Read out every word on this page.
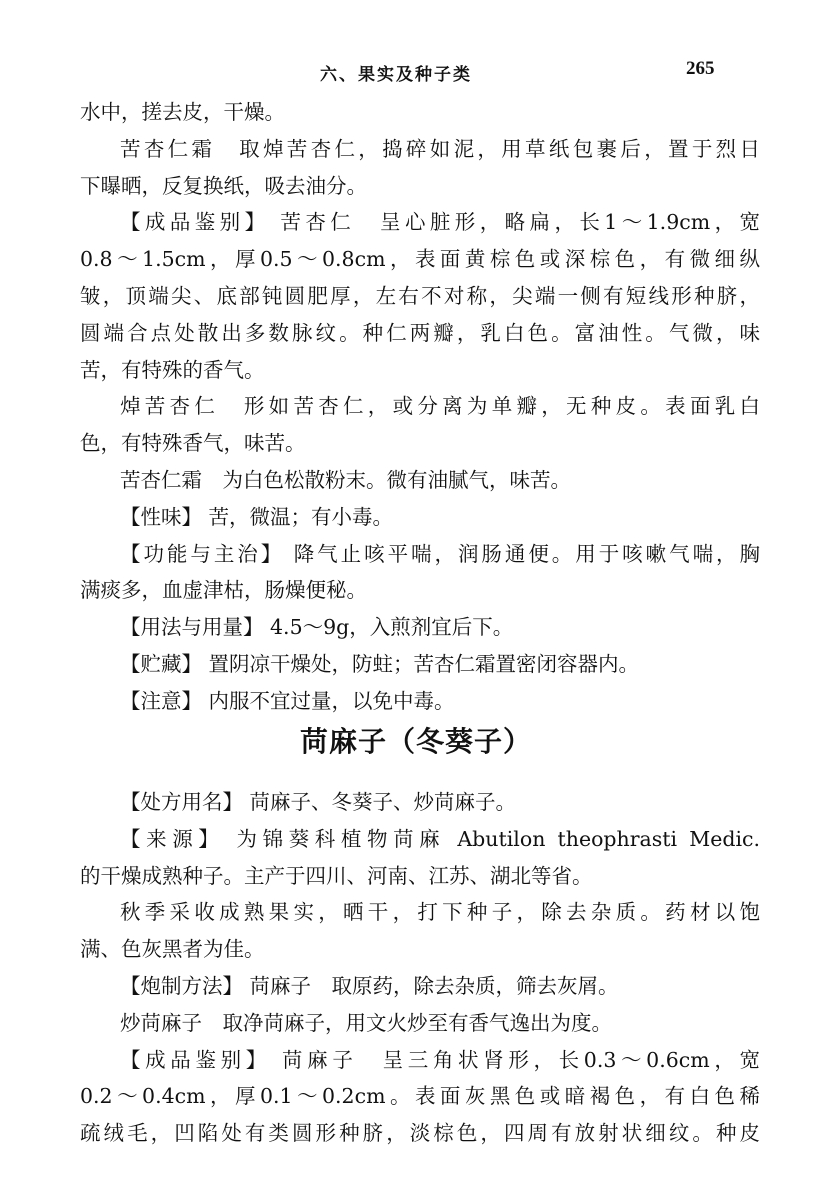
六、果实及种子类	265
水中，搓去皮，干燥。
苦杏仁霜　取焯苦杏仁，捣碎如泥，用草纸包裹后，置于烈日
下曝晒，反复换纸，吸去油分。
【成品鉴别】 苦杏仁　呈心脏形，略扁，长1～1.9cm，宽
0.8～1.5cm，厚0.5～0.8cm，表面黄棕色或深棕色，有微细纵
皱，顶端尖、底部钝圆肥厚，左右不对称，尖端一侧有短线形种脐，
圆端合点处散出多数脉纹。种仁两瓣，乳白色。富油性。气微，味
苦，有特殊的香气。
焯苦杏仁　形如苦杏仁，或分离为单瓣，无种皮。表面乳白
色，有特殊香气，味苦。
苦杏仁霜　为白色松散粉末。微有油腻气，味苦。
【性味】 苦，微温；有小毒。
【功能与主治】 降气止咳平喘，润肠通便。用于咳嗽气喘，胸
满痰多，血虚津枯，肠燥便秘。
【用法与用量】 4.5～9g，入煎剂宜后下。
【贮藏】 置阴凉干燥处，防蛀；苦杏仁霜置密闭容器内。
【注意】 内服不宜过量，以免中毒。
苘麻子（冬葵子）
【处方用名】 苘麻子、冬葵子、炒苘麻子。
【来源】 为锦葵科植物苘麻 Abutilon theophrasti Medic.
的干燥成熟种子。主产于四川、河南、江苏、湖北等省。
秋季采收成熟果实，晒干，打下种子，除去杂质。药材以饱
满、色灰黑者为佳。
【炮制方法】 苘麻子　取原药，除去杂质，筛去灰屑。
炒苘麻子　取净苘麻子，用文火炒至有香气逸出为度。
【成品鉴别】 苘麻子　呈三角状肾形，长0.3～0.6cm，宽
0.2～0.4cm，厚0.1～0.2cm。表面灰黑色或暗褐色，有白色稀
疏绒毛，凹陷处有类圆形种脐，淡棕色，四周有放射状细纹。种皮
